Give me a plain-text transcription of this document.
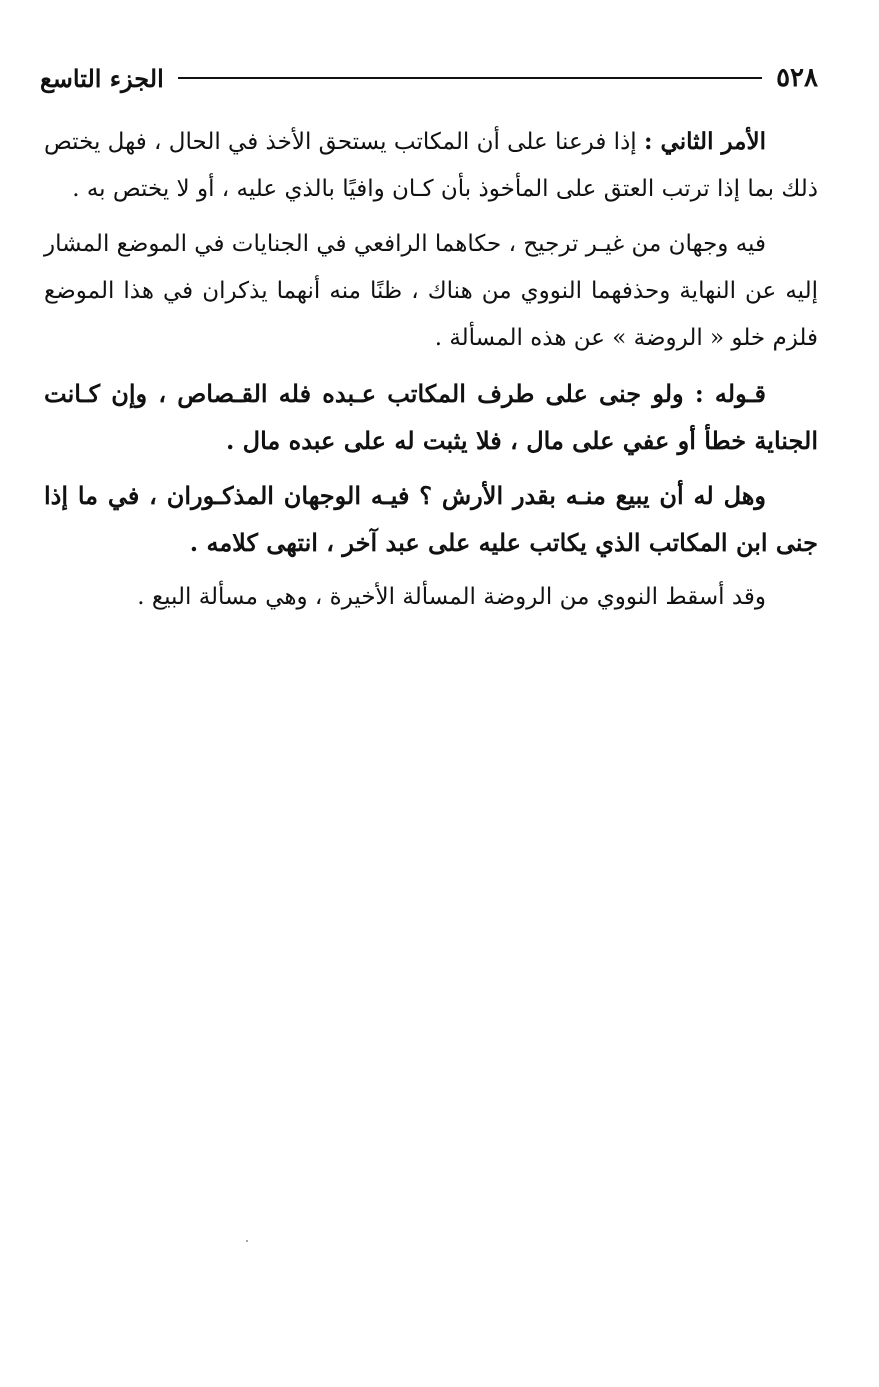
٥٢٨
الجزء التاسع

الأمر الثاني : إذا فرعنا على أن المكاتب يستحق الأخذ في الحال ، فهل يختص ذلك بما إذا ترتب العتق على المأخوذ بأن كـان وافيًا بالذي عليه ، أو لا يختص به .

فيه وجهان من غيـر ترجيح ، حكاهما الرافعي في الجنايات في الموضع المشار إليه عن النهاية وحذفهما النووي من هناك ، ظنًا منه أنهما يذكران في هذا الموضع فلزم خلو « الروضة » عن هذه المسألة .

قـوله : ولو جنى على طرف المكاتب عـبده فله القـصاص ، وإن كـانت الجناية خطأ أو عفي على مال ، فلا يثبت له على عبده مال .

وهل له أن يبيع منـه بقدر الأرش ؟ فيـه الوجهان المذكـوران ، في ما إذا جنى ابن المكاتب الذي يكاتب عليه على عبد آخر ، انتهى كلامه .

وقد أسقط النووي من الروضة المسألة الأخيرة ، وهي مسألة البيع .
